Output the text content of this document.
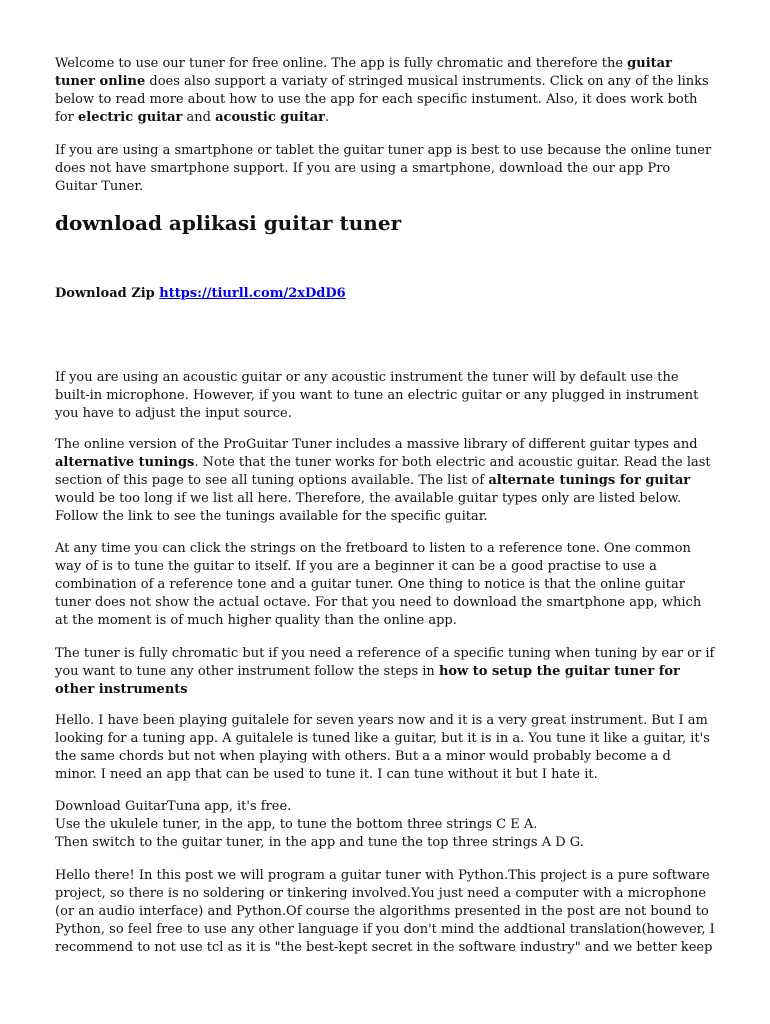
Welcome to use our tuner for free online. The app is fully chromatic and therefore the guitar tuner online does also support a variaty of stringed musical instruments. Click on any of the links below to read more about how to use the app for each specific instument. Also, it does work both for electric guitar and acoustic guitar.

If you are using a smartphone or tablet the guitar tuner app is best to use because the online tuner does not have smartphone support. If you are using a smartphone, download the our app Pro Guitar Tuner.

download aplikasi guitar tuner
Download Zip https://tiurll.com/2xDdD6

If you are using an acoustic guitar or any acoustic instrument the tuner will by default use the built-in microphone. However, if you want to tune an electric guitar or any plugged in instrument you have to adjust the input source.

The online version of the ProGuitar Tuner includes a massive library of different guitar types and alternative tunings. Note that the tuner works for both electric and acoustic guitar. Read the last section of this page to see all tuning options available. The list of alternate tunings for guitar would be too long if we list all here. Therefore, the available guitar types only are listed below. Follow the link to see the tunings available for the specific guitar.

At any time you can click the strings on the fretboard to listen to a reference tone. One common way of is to tune the guitar to itself. If you are a beginner it can be a good practise to use a combination of a reference tone and a guitar tuner. One thing to notice is that the online guitar tuner does not show the actual octave. For that you need to download the smartphone app, which at the moment is of much higher quality than the online app.

The tuner is fully chromatic but if you need a reference of a specific tuning when tuning by ear or if you want to tune any other instrument follow the steps in how to setup the guitar tuner for other instruments

Hello. I have been playing guitalele for seven years now and it is a very great instrument. But I am looking for a tuning app. A guitalele is tuned like a guitar, but it is in a. You tune it like a guitar, it's the same chords but not when playing with others. But a a minor would probably become a d minor. I need an app that can be used to tune it. I can tune without it but I hate it.

Download GuitarTuna app, it's free.
Use the ukulele tuner, in the app, to tune the bottom three strings C E A.
Then switch to the guitar tuner, in the app and tune the top three strings A D G.

Hello there! In this post we will program a guitar tuner with Python.This project is a pure software project, so there is no soldering or tinkering involved.You just need a computer with a microphone (or an audio interface) and Python.Of course the algorithms presented in the post are not bound to Python, so feel free to use any other language if you don't mind the addtional translation(however, I recommend to not use tcl as it is "the best-kept secret in the software industry" and we better keep
